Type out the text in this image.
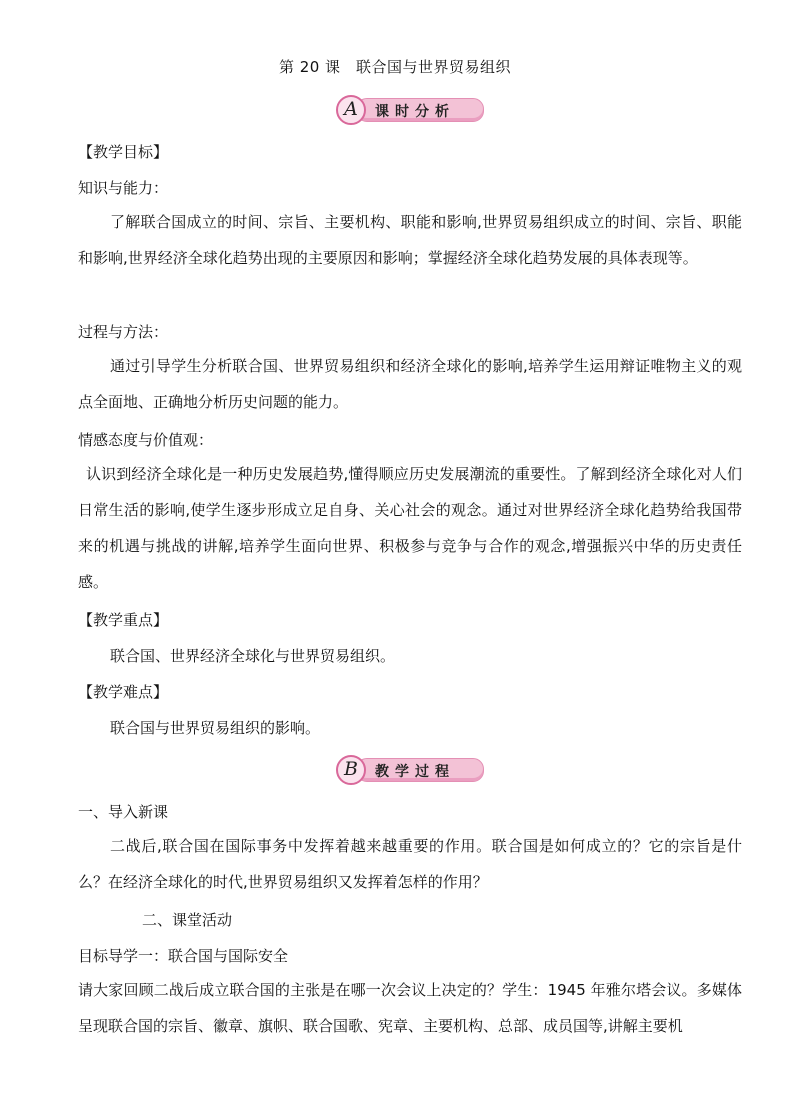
第 20 课　联合国与世界贸易组织
课时分析
A
【教学目标】
知识与能力：
了解联合国成立的时间、宗旨、主要机构、职能和影响,世界贸易组织成立的时间、宗旨、职能和影响,世界经济全球化趋势出现的主要原因和影响；掌握经济全球化趋势发展的具体表现等。
过程与方法：
通过引导学生分析联合国、世界贸易组织和经济全球化的影响,培养学生运用辩证唯物主义的观点全面地、正确地分析历史问题的能力。
情感态度与价值观：
认识到经济全球化是一种历史发展趋势,懂得顺应历史发展潮流的重要性。了解到经济全球化对人们日常生活的影响,使学生逐步形成立足自身、关心社会的观念。通过对世界经济全球化趋势给我国带来的机遇与挑战的讲解,培养学生面向世界、积极参与竞争与合作的观念,增强振兴中华的历史责任感。
【教学重点】
联合国、世界经济全球化与世界贸易组织。
【教学难点】
联合国与世界贸易组织的影响。
教学过程
B
一、导入新课
二战后,联合国在国际事务中发挥着越来越重要的作用。联合国是如何成立的？它的宗旨是什么？在经济全球化的时代,世界贸易组织又发挥着怎样的作用？
二、课堂活动
目标导学一：联合国与国际安全
请大家回顾二战后成立联合国的主张是在哪一次会议上决定的？学生：1945 年雅尔塔会议。多媒体呈现联合国的宗旨、徽章、旗帜、联合国歌、宪章、主要机构、总部、成员国等,讲解主要机
